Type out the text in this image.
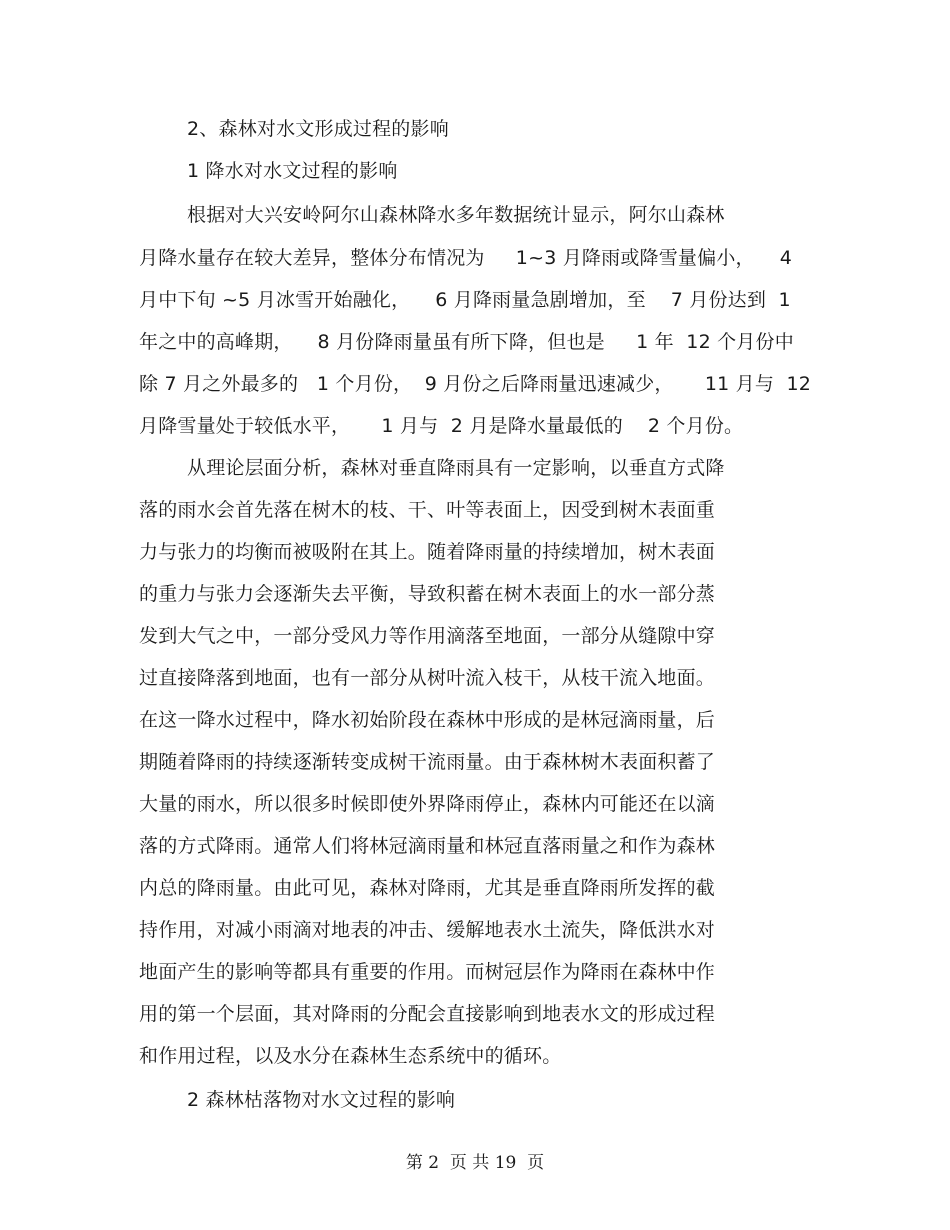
2、森林对水文形成过程的影响
1 降水对水文过程的影响
根据对大兴安岭阿尔山森林降水多年数据统计显示，阿尔山森林
月降水量存在较大差异，整体分布情况为     1~3 月降雨或降雪量偏小，    4
月中下旬 ~5 月冰雪开始融化，    6 月降雨量急剧增加，至    7 月份达到  1
年之中的高峰期，    8 月份降雨量虽有所下降，但也是     1 年  12 个月份中
除 7 月之外最多的   1 个月份，  9 月份之后降雨量迅速减少，     11 月与  12
月降雪量处于较低水平，     1 月与  2 月是降水量最低的    2 个月份。
从理论层面分析，森林对垂直降雨具有一定影响，以垂直方式降
落的雨水会首先落在树木的枝、干、叶等表面上，因受到树木表面重
力与张力的均衡而被吸附在其上。随着降雨量的持续增加，树木表面
的重力与张力会逐渐失去平衡，导致积蓄在树木表面上的水一部分蒸
发到大气之中，一部分受风力等作用滴落至地面，一部分从缝隙中穿
过直接降落到地面，也有一部分从树叶流入枝干，从枝干流入地面。
在这一降水过程中，降水初始阶段在森林中形成的是林冠滴雨量，后
期随着降雨的持续逐渐转变成树干流雨量。由于森林树木表面积蓄了
大量的雨水，所以很多时候即使外界降雨停止，森林内可能还在以滴
落的方式降雨。通常人们将林冠滴雨量和林冠直落雨量之和作为森林
内总的降雨量。由此可见，森林对降雨，尤其是垂直降雨所发挥的截
持作用，对减小雨滴对地表的冲击、缓解地表水土流失，降低洪水对
地面产生的影响等都具有重要的作用。而树冠层作为降雨在森林中作
用的第一个层面，其对降雨的分配会直接影响到地表水文的形成过程
和作用过程，以及水分在森林生态系统中的循环。
2 森林枯落物对水文过程的影响
第 2  页 共 19  页
